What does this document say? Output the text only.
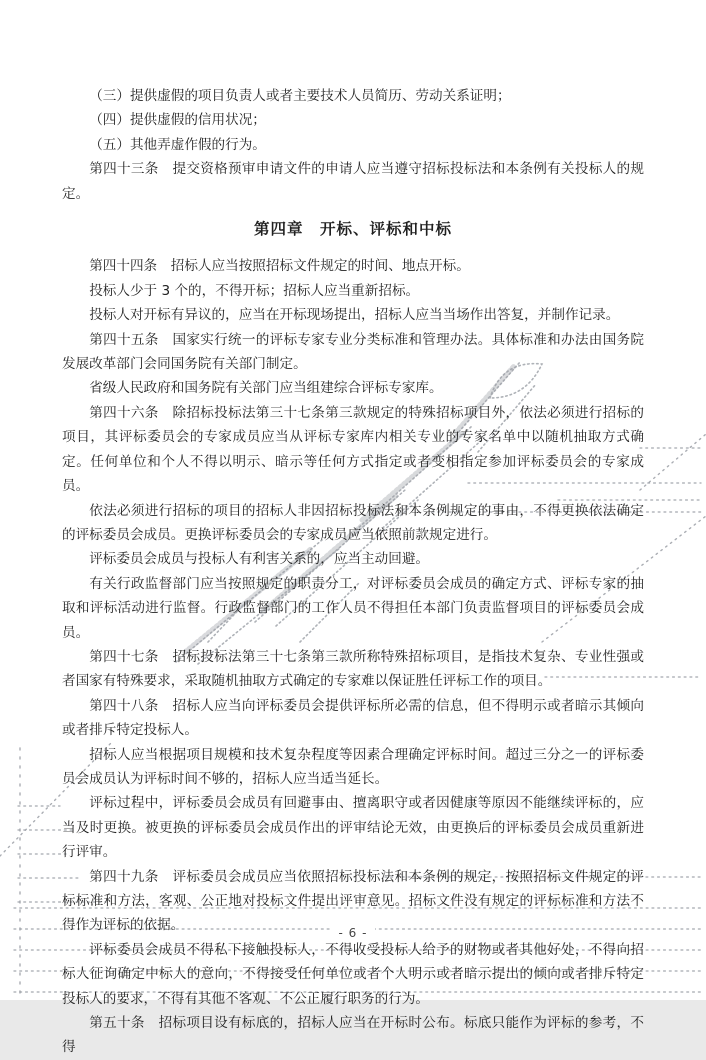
（三）提供虚假的项目负责人或者主要技术人员简历、劳动关系证明；

（四）提供虚假的信用状况；

（五）其他弄虚作假的行为。

第四十三条　提交资格预审申请文件的申请人应当遵守招标投标法和本条例有关投标人的规定。

第四章　开标、评标和中标

第四十四条　招标人应当按照招标文件规定的时间、地点开标。

投标人少于 3 个的，不得开标；招标人应当重新招标。

投标人对开标有异议的，应当在开标现场提出，招标人应当当场作出答复，并制作记录。

第四十五条　国家实行统一的评标专家专业分类标准和管理办法。具体标准和办法由国务院发展改革部门会同国务院有关部门制定。

省级人民政府和国务院有关部门应当组建综合评标专家库。

第四十六条　除招标投标法第三十七条第三款规定的特殊招标项目外，依法必须进行招标的项目，其评标委员会的专家成员应当从评标专家库内相关专业的专家名单中以随机抽取方式确定。任何单位和个人不得以明示、暗示等任何方式指定或者变相指定参加评标委员会的专家成员。

依法必须进行招标的项目的招标人非因招标投标法和本条例规定的事由，不得更换依法确定的评标委员会成员。更换评标委员会的专家成员应当依照前款规定进行。

评标委员会成员与投标人有利害关系的，应当主动回避。

有关行政监督部门应当按照规定的职责分工，对评标委员会成员的确定方式、评标专家的抽取和评标活动进行监督。行政监督部门的工作人员不得担任本部门负责监督项目的评标委员会成员。

第四十七条　招标投标法第三十七条第三款所称特殊招标项目，是指技术复杂、专业性强或者国家有特殊要求，采取随机抽取方式确定的专家难以保证胜任评标工作的项目。

第四十八条　招标人应当向评标委员会提供评标所必需的信息，但不得明示或者暗示其倾向或者排斥特定投标人。

招标人应当根据项目规模和技术复杂程度等因素合理确定评标时间。超过三分之一的评标委员会成员认为评标时间不够的，招标人应当适当延长。

评标过程中，评标委员会成员有回避事由、擅离职守或者因健康等原因不能继续评标的，应当及时更换。被更换的评标委员会成员作出的评审结论无效，由更换后的评标委员会成员重新进行评审。

第四十九条　评标委员会成员应当依照招标投标法和本条例的规定，按照招标文件规定的评标标准和方法，客观、公正地对投标文件提出评审意见。招标文件没有规定的评标标准和方法不得作为评标的依据。

评标委员会成员不得私下接触投标人，不得收受投标人给予的财物或者其他好处，不得向招标人征询确定中标人的意向，不得接受任何单位或者个人明示或者暗示提出的倾向或者排斥特定投标人的要求，不得有其他不客观、不公正履行职务的行为。

第五十条　招标项目设有标底的，招标人应当在开标时公布。标底只能作为评标的参考，不得

- 6 -
